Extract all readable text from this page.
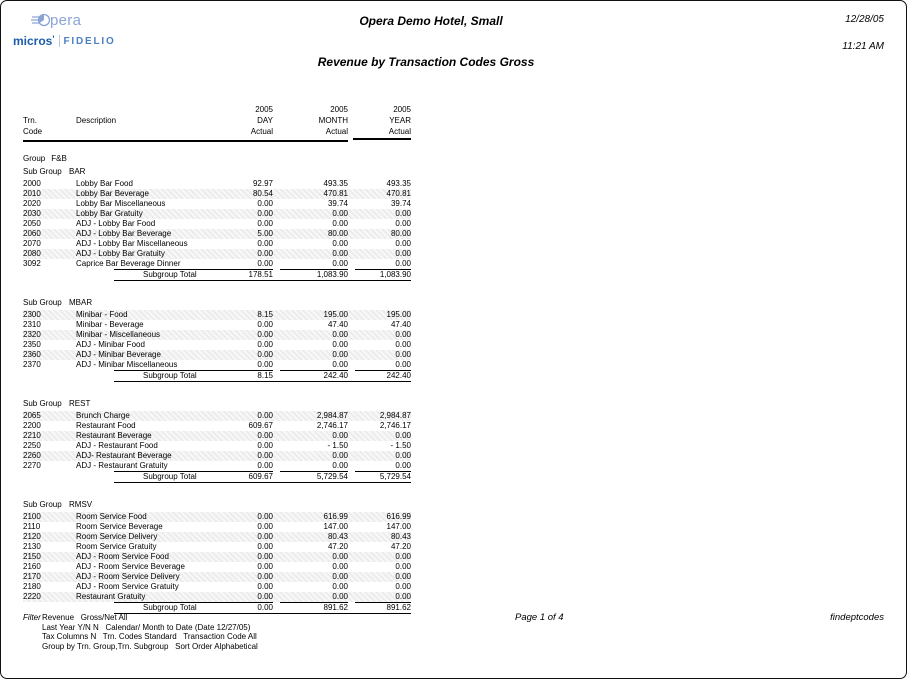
pera
micros' FIDELIO
Opera Demo Hotel, Small	12/28/05
11:21 AM
Revenue by Transaction Codes Gross
2005	2005	2005
Trn.	Description	DAY	MONTH	YEAR
Code	Actual	Actual	Actual
Group F&B
Sub Group BAR
2000	Lobby Bar Food	92.97	493.35	493.35
2010	Lobby Bar Beverage	80.54	470.81	470.81
2020	Lobby Bar Miscellaneous	0.00	39.74	39.74
2030	Lobby Bar Gratuity	0.00	0.00	0.00
2050	ADJ - Lobby Bar Food	0.00	0.00	0.00
2060	ADJ - Lobby Bar Beverage	5.00	80.00	80.00
2070	ADJ - Lobby Bar Miscellaneous	0.00	0.00	0.00
2080	ADJ - Lobby Bar Gratuity	0.00	0.00	0.00
3092	Caprice Bar Beverage Dinner	0.00	0.00	0.00
Subgroup Total	178.51	1,083.90	1,083.90
Sub Group MBAR
2300	Minibar - Food	8.15	195.00	195.00
2310	Minibar - Beverage	0.00	47.40	47.40
2320	Minibar - Miscellaneous	0.00	0.00	0.00
2350	ADJ - Minibar Food	0.00	0.00	0.00
2360	ADJ - Minibar Beverage	0.00	0.00	0.00
2370	ADJ - Minibar Miscellaneous	0.00	0.00	0.00
Subgroup Total	8.15	242.40	242.40
Sub Group REST
2065	Brunch Charge	0.00	2,984.87	2,984.87
2200	Restaurant Food	609.67	2,746.17	2,746.17
2210	Restaurant Beverage	0.00	0.00	0.00
2250	ADJ - Restaurant Food	0.00	- 1.50	- 1.50
2260	ADJ- Restaurant Beverage	0.00	0.00	0.00
2270	ADJ - Restaurant Gratuity	0.00	0.00	0.00
Subgroup Total	609.67	5,729.54	5,729.54
Sub Group RMSV
2100	Room Service Food	0.00	616.99	616.99
2110	Room Service Beverage	0.00	147.00	147.00
2120	Room Service Delivery	0.00	80.43	80.43
2130	Room Service Gratuity	0.00	47.20	47.20
2150	ADJ - Room Service Food	0.00	0.00	0.00
2160	ADJ - Room Service Beverage	0.00	0.00	0.00
2170	ADJ - Room Service Delivery	0.00	0.00	0.00
2180	ADJ - Room Service Gratuity	0.00	0.00	0.00
2220	Restaurant Gratuity	0.00	0.00	0.00
Subgroup Total	0.00	891.62	891.62
Filter Revenue   Gross/Net All
Last Year Y/N N   Calendar/ Month to Date (Date 12/27/05)
Tax Columns N   Trn. Codes Standard   Transaction Code All
Group by Trn. Group,Trn. Subgroup   Sort Order Alphabetical
Page 1 of 4	findeptcodes
